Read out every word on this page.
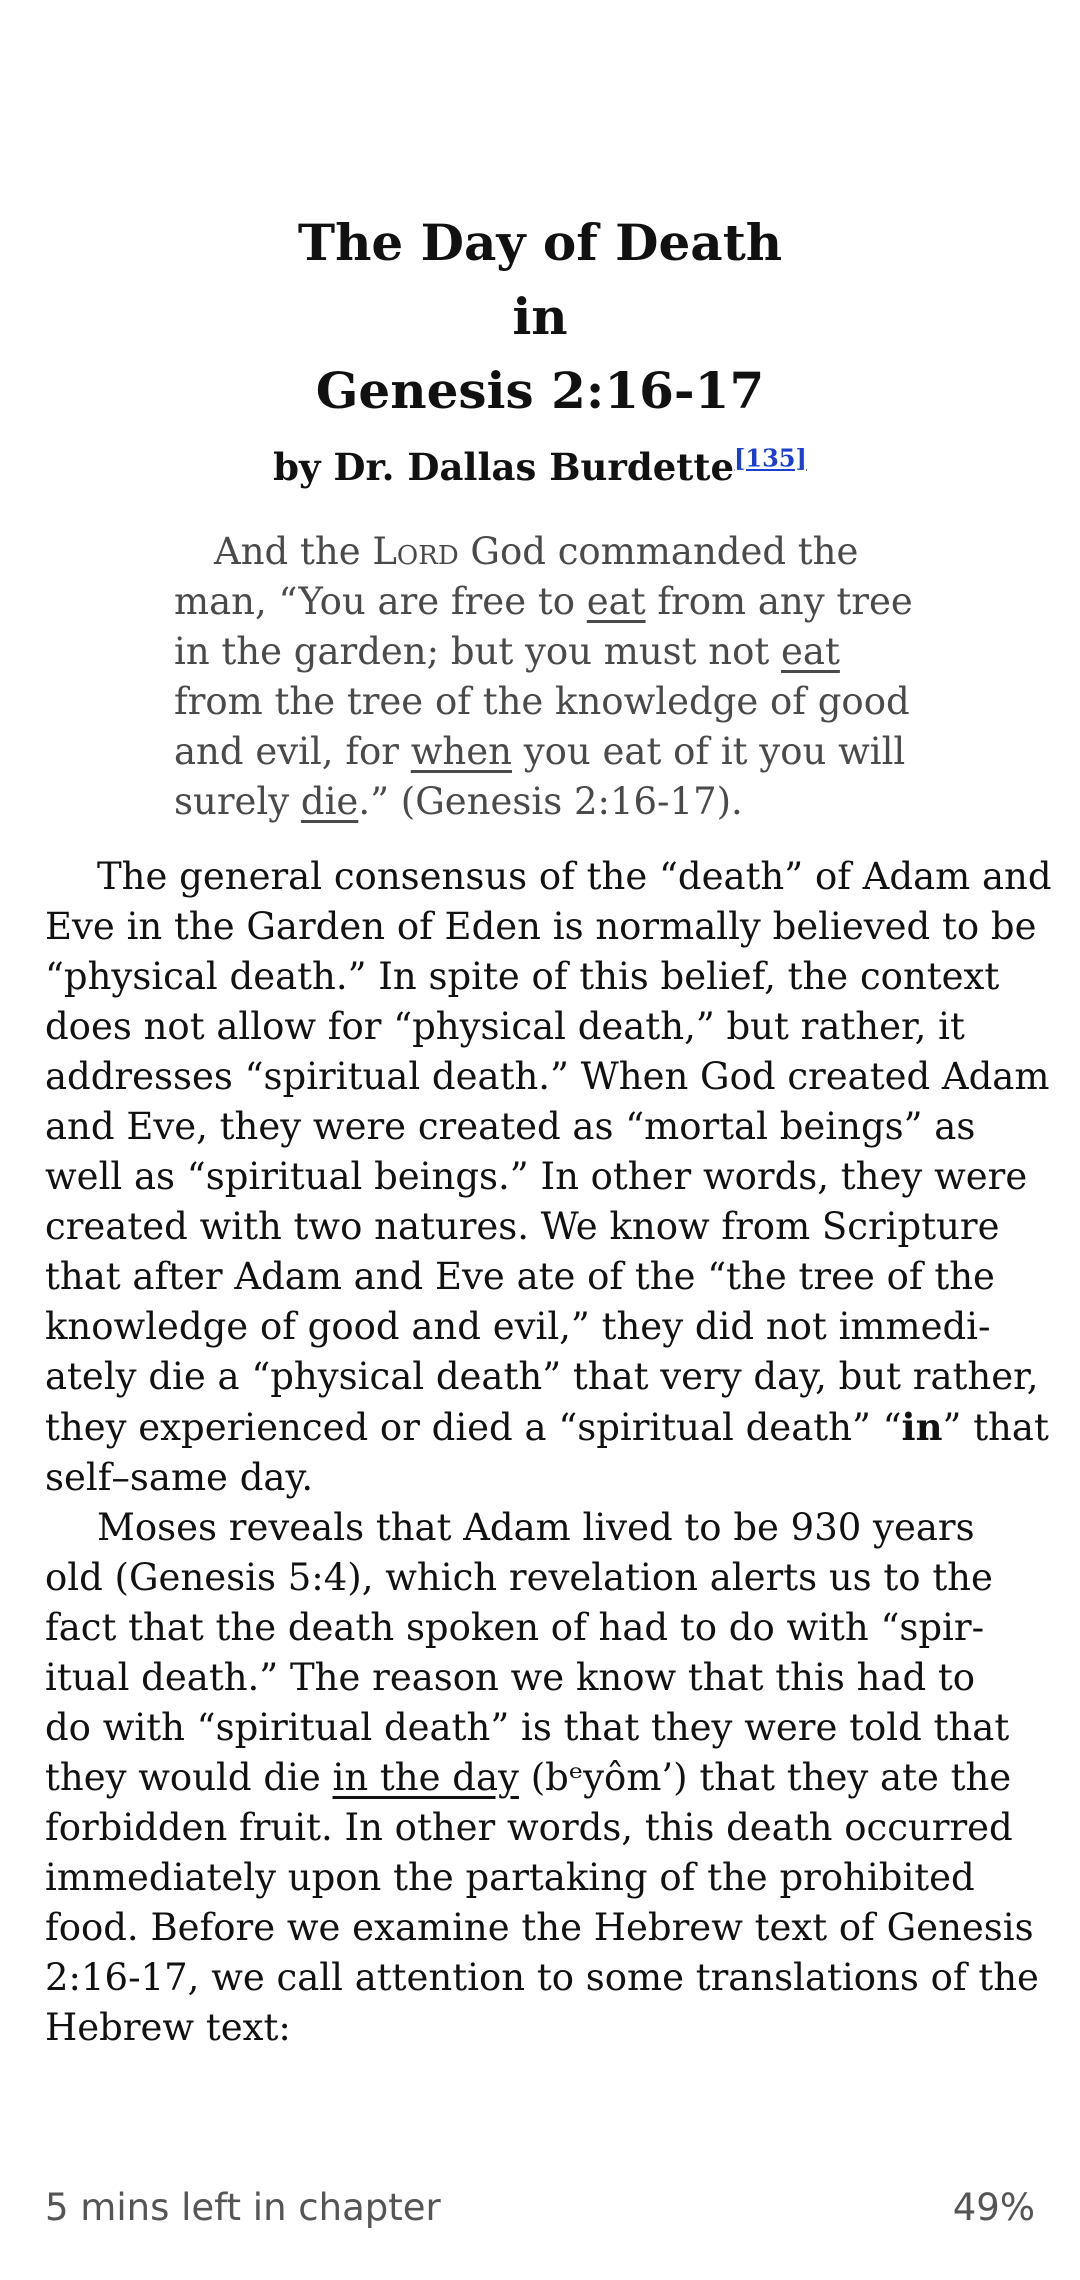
The Day of Death
in
Genesis 2:16-17
by Dr. Dallas Burdette[135]
And the Lord God commanded the
man, “You are free to eat from any tree
in the garden; but you must not eat
from the tree of the knowledge of good
and evil, for when you eat of it you will
surely die.” (Genesis 2:16-17).
The general consensus of the “death” of Adam and
Eve in the Garden of Eden is normally believed to be
“physical death.” In spite of this belief, the context
does not allow for “physical death,” but rather, it
addresses “spiritual death.” When God created Adam
and Eve, they were created as “mortal beings” as
well as “spiritual beings.” In other words, they were
created with two natures. We know from Scripture
that after Adam and Eve ate of the “the tree of the
knowledge of good and evil,” they did not immedi-
ately die a “physical death” that very day, but rather,
they experienced or died a “spiritual death” “in” that
self–same day.
Moses reveals that Adam lived to be 930 years
old (Genesis 5:4), which revelation alerts us to the
fact that the death spoken of had to do with “spir-
itual death.” The reason we know that this had to
do with “spiritual death” is that they were told that
they would die in the day (bᵉyôm’) that they ate the
forbidden fruit. In other words, this death occurred
immediately upon the partaking of the prohibited
food. Before we examine the Hebrew text of Genesis
2:16-17, we call attention to some translations of the
Hebrew text:
5 mins left in chapter	49%
